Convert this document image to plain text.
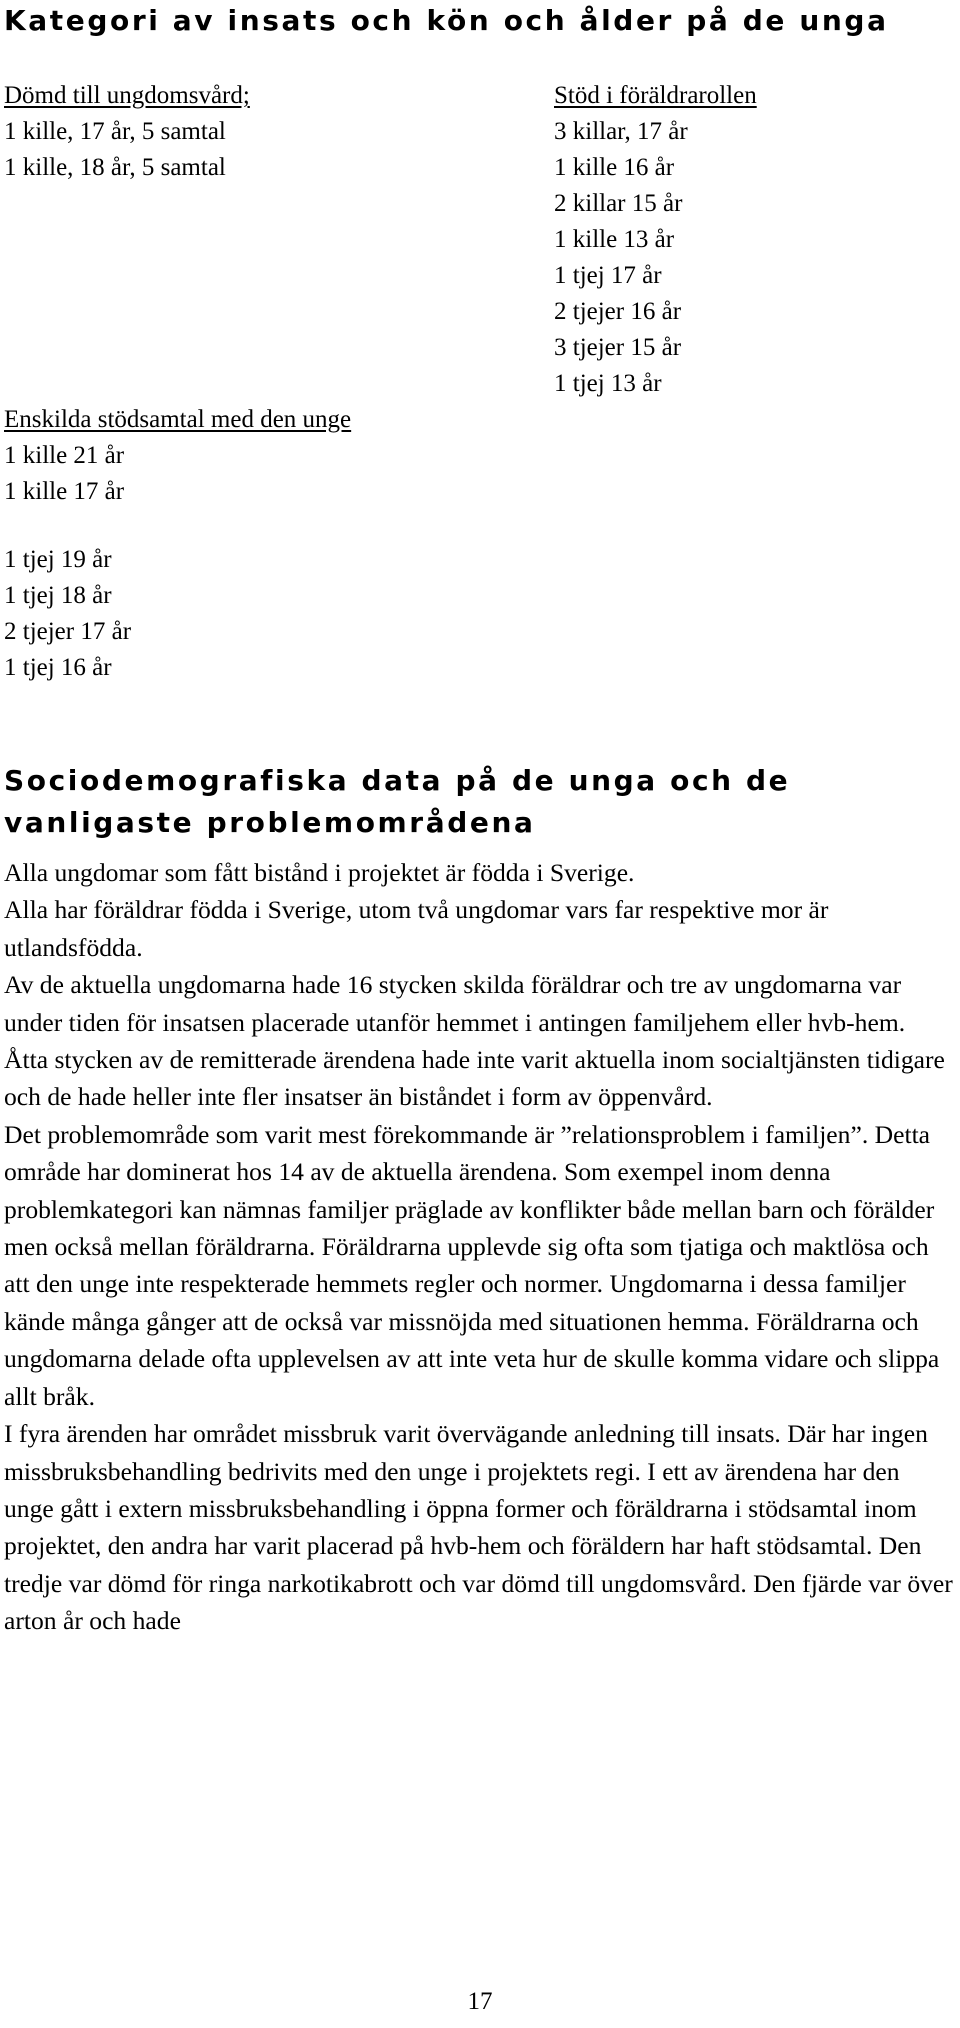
Kategori av insats och kön och ålder på de unga
Dömd till ungdomsvård;
1 kille, 17 år, 5 samtal
1 kille, 18 år, 5 samtal
Enskilda stödsamtal med den unge
1 kille 21 år
1 kille 17 år
1 tjej 19 år
1 tjej 18 år
2 tjejer 17 år
1 tjej 16 år
Stöd i föräldrarollen
3 killar, 17 år
1 kille 16 år
2 killar 15 år
1 kille 13 år
1 tjej 17 år
2 tjejer 16 år
3 tjejer 15 år
1 tjej 13 år
Sociodemografiska data på de unga och de
vanligaste problemområdena

Alla ungdomar som fått bistånd i projektet är födda i Sverige.

Alla har föräldrar födda i Sverige, utom två ungdomar vars far respektive mor är utlandsfödda.

Av de aktuella ungdomarna hade 16 stycken skilda föräldrar och tre av ungdomarna var under tiden för insatsen placerade utanför hemmet i antingen familjehem eller hvb-hem. Åtta stycken av de remitterade ärendena hade inte varit aktuella inom socialtjänsten tidigare och de hade heller inte fler insatser än biståndet i form av öppenvård.

Det problemområde som varit mest förekommande är ”relationsproblem i familjen”. Detta område har dominerat hos 14 av de aktuella ärendena. Som exempel inom denna problemkategori kan nämnas familjer präglade av konflikter både mellan barn och förälder men också mellan föräldrarna. Föräldrarna upplevde sig ofta som tjatiga och maktlösa och att den unge inte respekterade hemmets regler och normer. Ungdomarna i dessa familjer kände många gånger att de också var missnöjda med situationen hemma. Föräldrarna och ungdomarna delade ofta upplevelsen av att inte veta hur de skulle komma vidare och slippa allt bråk.

I fyra ärenden har området missbruk varit övervägande anledning till insats. Där har ingen missbruksbehandling bedrivits med den unge i projektets regi. I ett av ärendena har den unge gått i extern missbruksbehandling i öppna former och föräldrarna i stödsamtal inom projektet, den andra har varit placerad på hvb-hem och föräldern har haft stödsamtal. Den tredje var dömd för ringa narkotikabrott och var dömd till ungdomsvård. Den fjärde var över arton år och hade

17
